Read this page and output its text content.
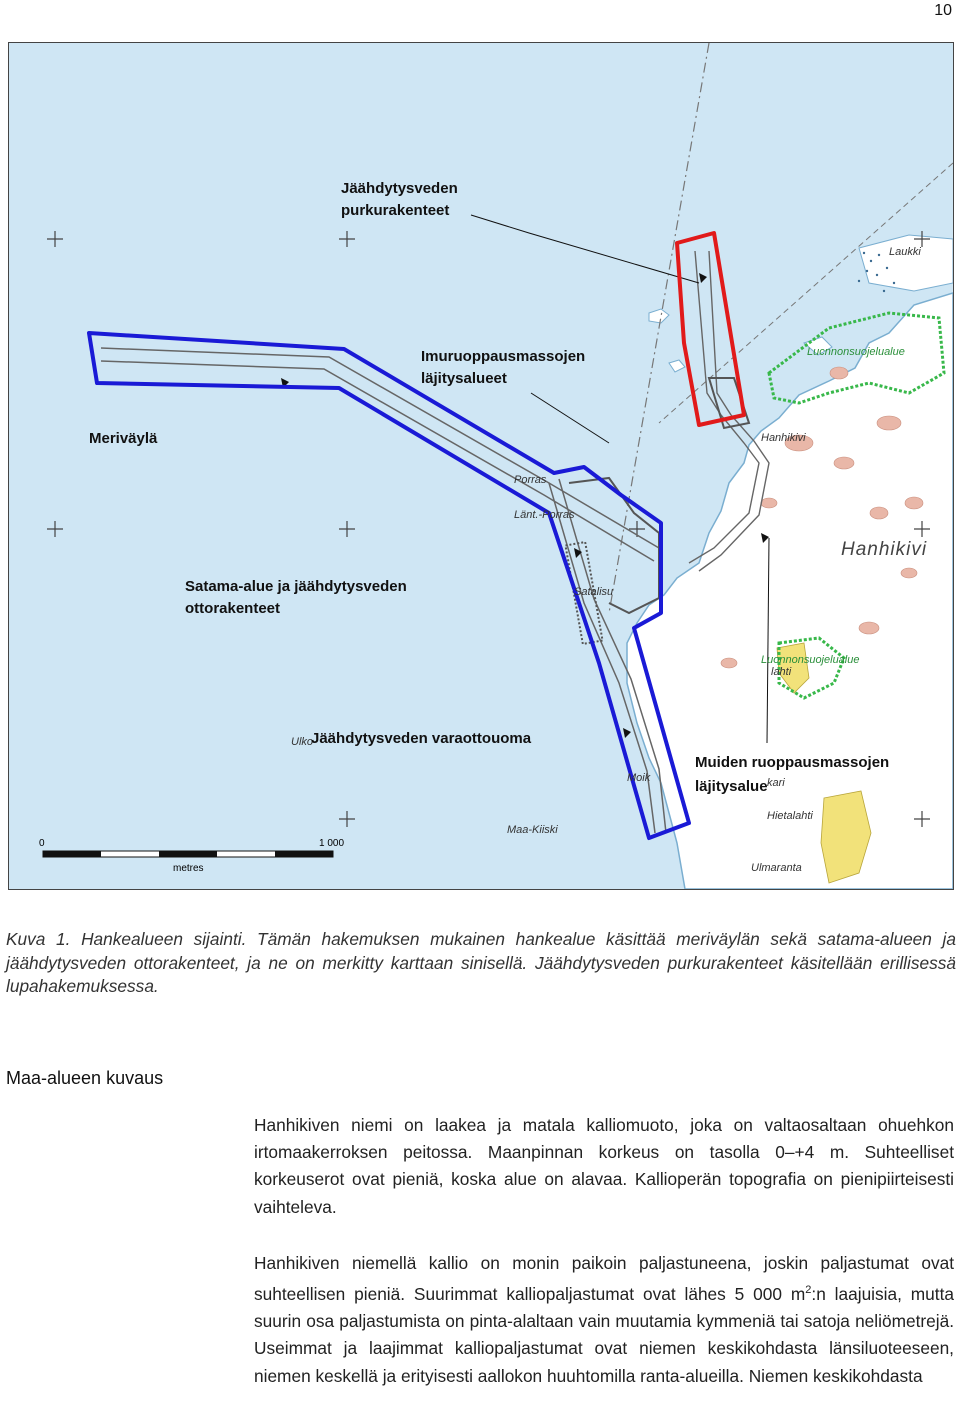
10
Laukki
Lucnnonsuojelualue
Hanhikivi
Porras
Länt.-Porras
Satalisu
Luonnonsuojelualue
lahti
Ulko
Moik	kari
Maa-Kiiski
Hietalahti
Ulmaranta
Hanhikivi
Jäähdytysveden
purkurakenteet
Imuruoppausmassojen
läjitysalueet
Meriväylä
Satama-alue ja jäähdytysveden
ottorakenteet
Jäähdytysveden varaottouoma
Muiden ruoppausmassojen
läjitysalue
0	1 000
metres
Kuva 1. Hankealueen sijainti. Tämän hakemuksen mukainen hankealue käsittää meriväylän sekä satama-alueen ja jäähdytysveden ottorakenteet, ja ne on merkitty karttaan sinisellä. Jäähdytysveden purkurakenteet käsitellään erillisessä lupahakemuksessa.
Maa-alueen kuvaus
Hanhikiven niemi on laakea ja matala kalliomuoto, joka on valtaosaltaan ohuehkon irtomaakerroksen peitossa. Maanpinnan korkeus on tasolla 0–+4 m. Suhteelliset korkeuserot ovat pieniä, koska alue on alavaa. Kallioperän topografia on pienipiirteisesti vaihteleva.
Hanhikiven niemellä kallio on monin paikoin paljastuneena, joskin paljastumat ovat suhteellisen pieniä. Suurimmat kalliopaljastumat ovat lähes 5 000 $m^2:n$ laajuisia, mutta suurin osa paljastumista on pinta-alaltaan vain muutamia kymmeniä tai satoja neliömetrejä. Useimmat ja laajimmat kalliopaljastumat ovat niemen keskikohdasta länsiluoteeseen, niemen keskellä ja erityisesti aallokon huuhtomilla ranta-alueilla. Niemen keskikohdasta
